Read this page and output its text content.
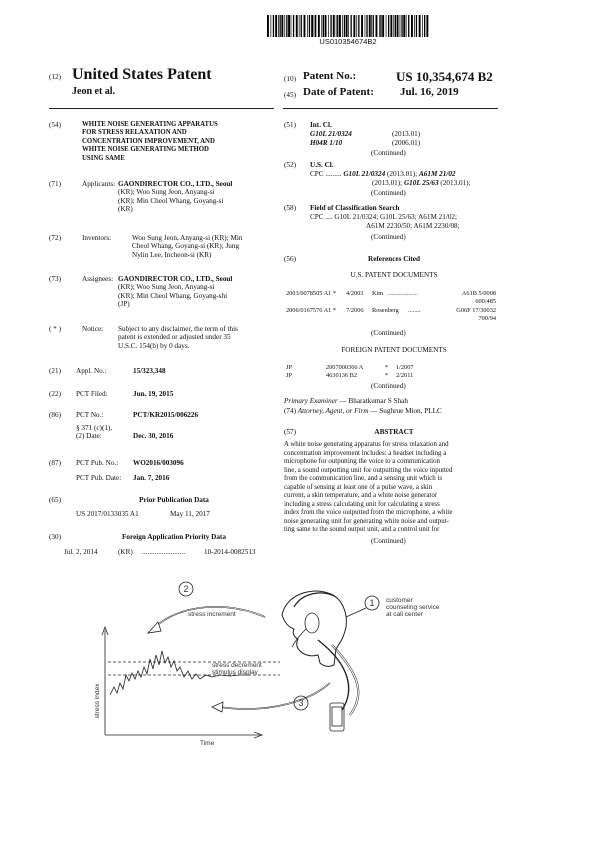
US010354674B2
(12) United States Patent
Jeon et al.
(10) Patent No.:	US 10,354,674 B2
(45) Date of Patent: Jul. 16, 2019
(54)	WHITE NOISE GENERATING APPARATUS
FOR STRESS RELAXATION AND
CONCENTRATION IMPROVEMENT, AND
WHITE NOISE GENERATING METHOD
USING SAME
(71)	Applicants: GAONDIRECTOR CO., LTD., Seoul
(KR); Woo Sung Jeon, Anyang-si
(KR); Min Cheol Whang, Goyang-si
(KR)
(72)	Inventors:	Woo Sung Jeon, Anyang-si (KR); Min
Cheol Whang, Goyang-si (KR); Jung
Nylin Lee, Incheon-si (KR)
(73)	Assignees: GAONDIRECTOR CO., LTD., Seoul
(KR); Woo Sung Jeon, Anyang-si
(KR); Min Cheol Whang, Goyang-shi
(JP)
( * )	Notice: Subject to any disclaimer, the term of this
patent is extended or adjusted under 35
U.S.C. 154(b) by 0 days.
(21) Appl. No.:	15/323,348
(22) PCT Filed:	Jun. 19, 2015
(86) PCT No.:	PCT/KR2015/006226
§ 371 (c)(1),
(2) Date:	Dec. 30, 2016
(87) PCT Pub. No.: WO2016/003096
PCT Pub. Date: Jan. 7, 2016
(65)	Prior Publication Data
US 2017/0133035 A1	May 11, 2017
(30)	Foreign Application Priority Data
Jul. 2, 2014	(KR) ........................	10-2014-0082513
(51) Int. Cl.
G10L 21/0324	(2013.01)
H04R 1/10	(2006.01)
(Continued)
(52) U.S. Cl.
CPC ......... G10L 21/0324 (2013.01); A61M 21/02
(2013.01); G10L 25/63 (2013.01);
(Continued)
(58) Field of Classification Search
CPC .... G10L 21/0324; G10L 25/63; A61M 21/02;
A61M 2230/50; A61M 2230/08;
(Continued)
(56)	References Cited
U.S. PATENT DOCUMENTS
2003/0078505 A1 * 4/2003 Kim ...................	A61B 5/0008
600/485
2006/0167576 A1 * 7/2006 Rosenberg ........	G06F 17/30032
700/94
(Continued)
FOREIGN PATENT DOCUMENTS
JP	2007000366 A	* 1/2007
JP	4630136 B2	* 2/2011
(Continued)
Primary Examiner — Bharatkumar S Shah
(74) Attorney, Agent, or Firm — Sughrue Mion, PLLC
(57)	ABSTRACT
A white noise generating apparatus for stress relaxation and
concentration improvement includes: a headset including a
microphone for outputting the voice to a communication
line, a sound outputting unit for outputting the voice inputted
from the communication line, and a sensing unit which is
capable of sensing at least one of a pulse wave, a skin
current, a skin temperature, and a white noise generator
including a stress calculating unit for calculating a stress
index from the voice outputted from the microphone, a white
noise generating unit for generating white noise and output-
ting same to the sound output unit, and a control unit for
(Continued)
2
1
3
customer
counseling service
at call center
stress increment
stress decrement
stimulus display
Time
stress index
